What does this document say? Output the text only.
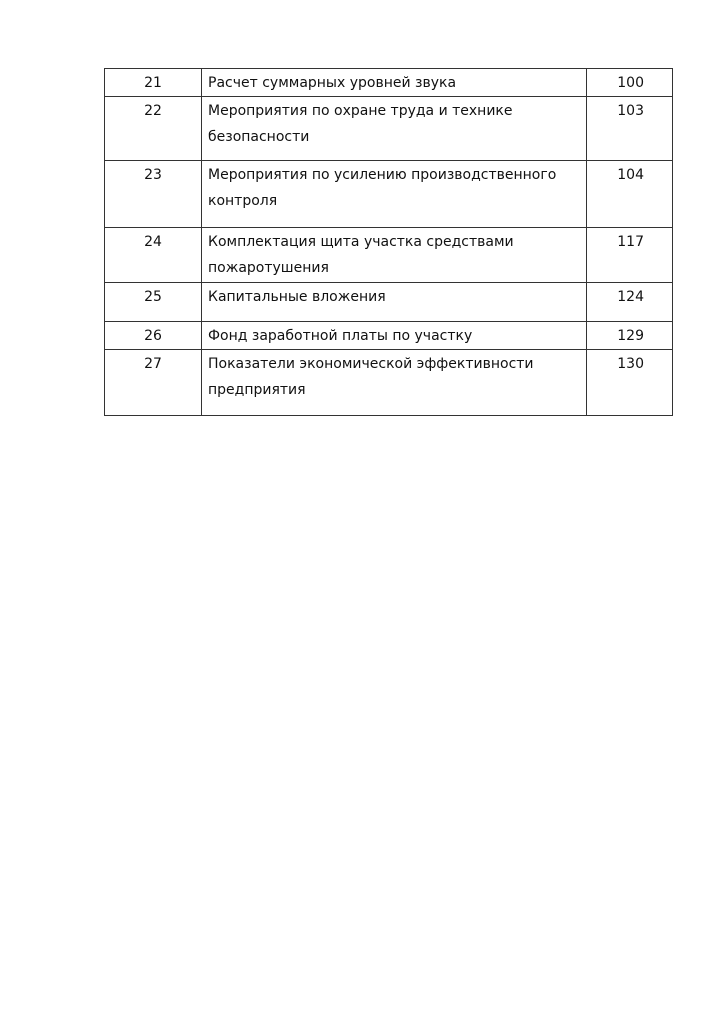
21	Расчет суммарных уровней звука	100
22	Мероприятия по охране труда и технике безопасности	103
23	Мероприятия по усилению производственного контроля	104
24	Комплектация щита участка средствами пожаротушения	117
25	Капитальные вложения	124
26	Фонд заработной платы по участку	129
27	Показатели экономической эффективности предприятия	130
